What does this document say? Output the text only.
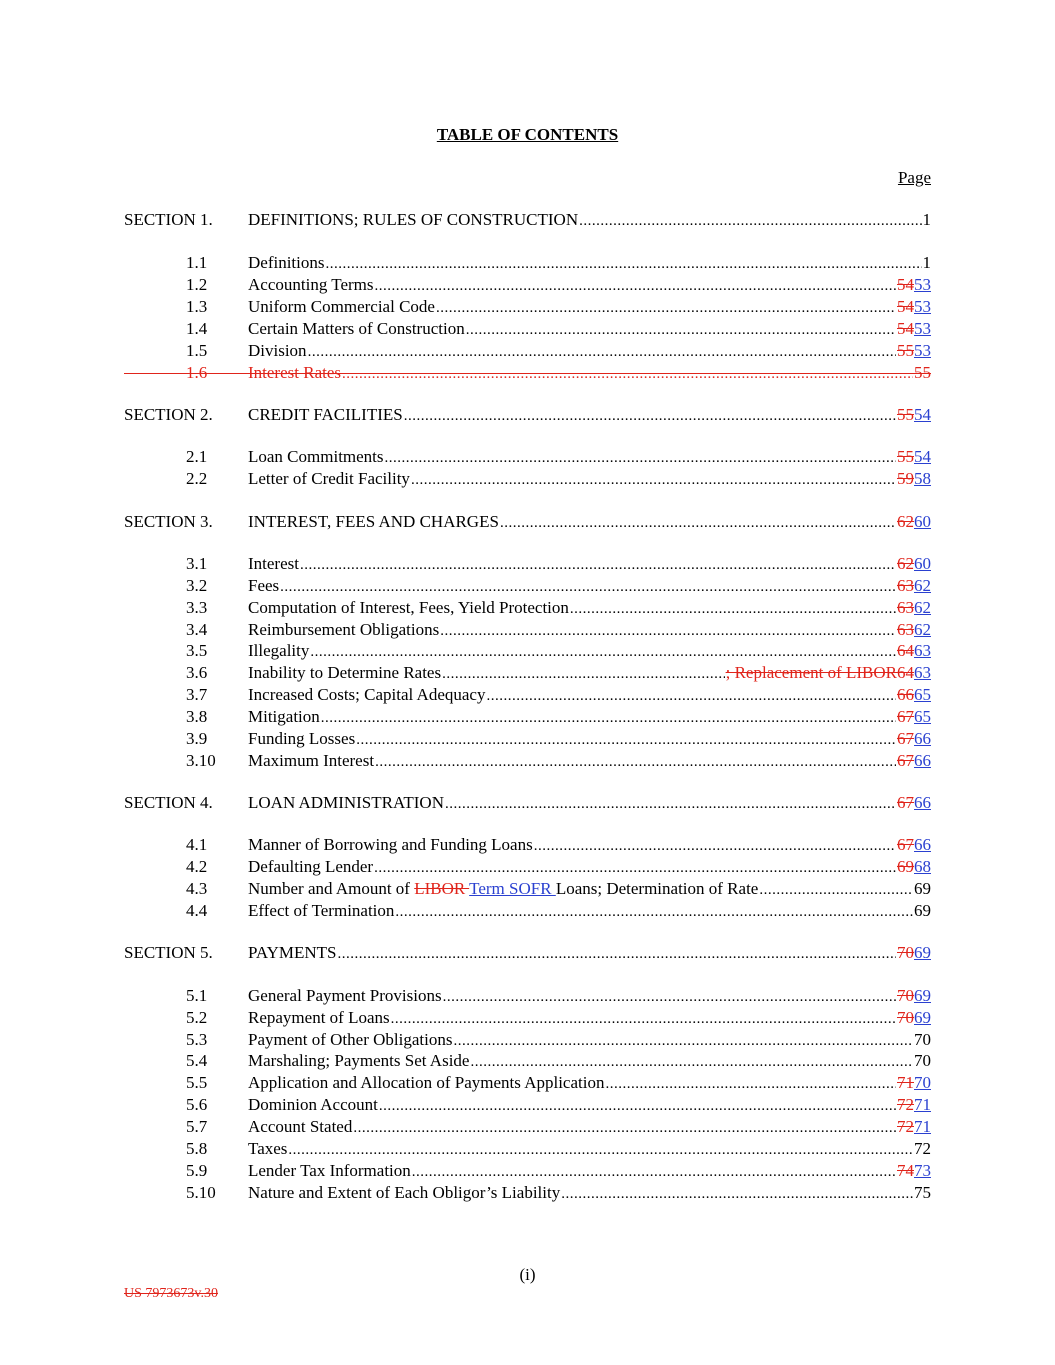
TABLE OF CONTENTS
Page
SECTION 1. DEFINITIONS; RULES OF CONSTRUCTION .....	1
1.1 Definitions .....	1
1.2 Accounting Terms .....	5453
1.3 Uniform Commercial Code .....	5453
1.4 Certain Matters of Construction .....	5453
1.5 Division .....	5553
1.6 Interest Rates .....	55
SECTION 2. CREDIT FACILITIES .....	5554
2.1 Loan Commitments .....	5554
2.2 Letter of Credit Facility .....	5958
SECTION 3. INTEREST, FEES AND CHARGES .....	6260
3.1 Interest .....	6260
3.2 Fees .....	6362
3.3 Computation of Interest, Fees, Yield Protection .....	6362
3.4 Reimbursement Obligations .....	6362
3.5 Illegality .....	6463
3.6 Inability to Determine Rates .....	; Replacement of LIBOR6463
3.7 Increased Costs; Capital Adequacy .....	6665
3.8 Mitigation .....	6765
3.9 Funding Losses .....	6766
3.10 Maximum Interest .....	6766
SECTION 4. LOAN ADMINISTRATION .....	6766
4.1 Manner of Borrowing and Funding Loans .....	6766
4.2 Defaulting Lender .....	6968
4.3 Number and Amount of LIBOR Term SOFR Loans; Determination of Rate .....	69
4.4 Effect of Termination .....	69
SECTION 5. PAYMENTS .....	7069
5.1 General Payment Provisions .....	7069
5.2 Repayment of Loans .....	7069
5.3 Payment of Other Obligations .....	70
5.4 Marshaling; Payments Set Aside .....	70
5.5 Application and Allocation of Payments Application .....	7170
5.6 Dominion Account .....	7271
5.7 Account Stated .....	7271
5.8 Taxes .....	72
5.9 Lender Tax Information .....	7473
5.10 Nature and Extent of Each Obligor’s Liability .....	75
(i)
US 7973673v.30
